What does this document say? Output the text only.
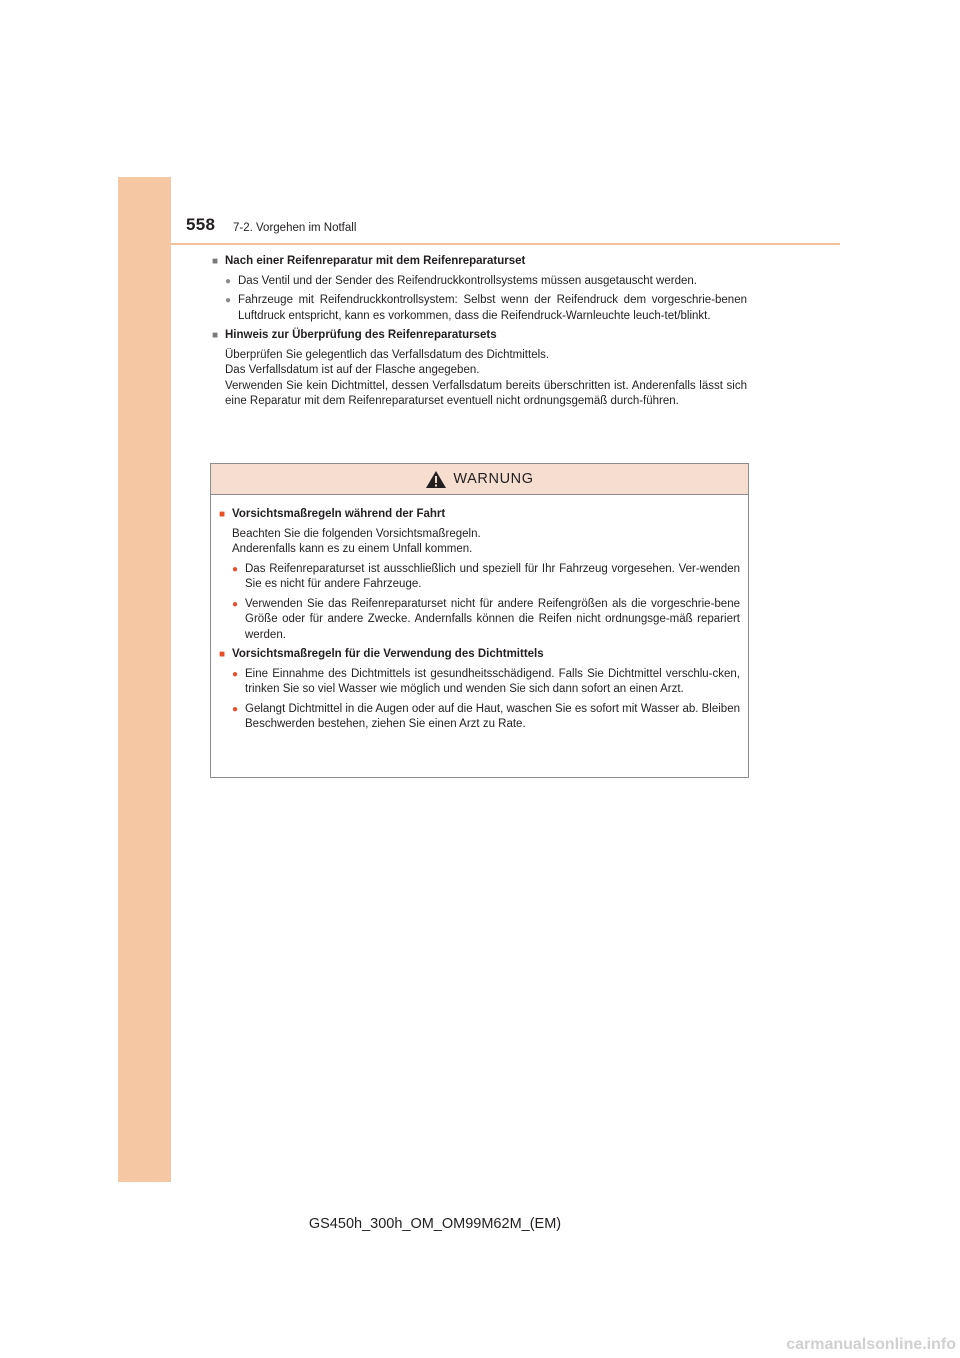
558 7-2. Vorgehen im Notfall
■ Nach einer Reifenreparatur mit dem Reifenreparaturset
● Das Ventil und der Sender des Reifendruckkontrollsystems müssen ausgetauscht werden.
● Fahrzeuge mit Reifendruckkontrollsystem: Selbst wenn der Reifendruck dem vorgeschrie-benen Luftdruck entspricht, kann es vorkommen, dass die Reifendruck-Warnleuchte leuch-tet/blinkt.
■ Hinweis zur Überprüfung des Reifenreparatursets
Überprüfen Sie gelegentlich das Verfallsdatum des Dichtmittels.
Das Verfallsdatum ist auf der Flasche angegeben.
Verwenden Sie kein Dichtmittel, dessen Verfallsdatum bereits überschritten ist. Anderenfalls lässt sich eine Reparatur mit dem Reifenreparaturset eventuell nicht ordnungsgemäß durch-führen.
WARNUNG
■ Vorsichtsmaßregeln während der Fahrt
Beachten Sie die folgenden Vorsichtsmaßregeln.
Anderenfalls kann es zu einem Unfall kommen.
● Das Reifenreparaturset ist ausschließlich und speziell für Ihr Fahrzeug vorgesehen. Ver-wenden Sie es nicht für andere Fahrzeuge.
● Verwenden Sie das Reifenreparaturset nicht für andere Reifengrößen als die vorgeschrie-bene Größe oder für andere Zwecke. Andernfalls können die Reifen nicht ordnungsge-mäß repariert werden.
■ Vorsichtsmaßregeln für die Verwendung des Dichtmittels
● Eine Einnahme des Dichtmittels ist gesundheitsschädigend. Falls Sie Dichtmittel verschlu-cken, trinken Sie so viel Wasser wie möglich und wenden Sie sich dann sofort an einen Arzt.
● Gelangt Dichtmittel in die Augen oder auf die Haut, waschen Sie es sofort mit Wasser ab. Bleiben Beschwerden bestehen, ziehen Sie einen Arzt zu Rate.
GS450h_300h_OM_OM99M62M_(EM)
carmanualsonline.info
